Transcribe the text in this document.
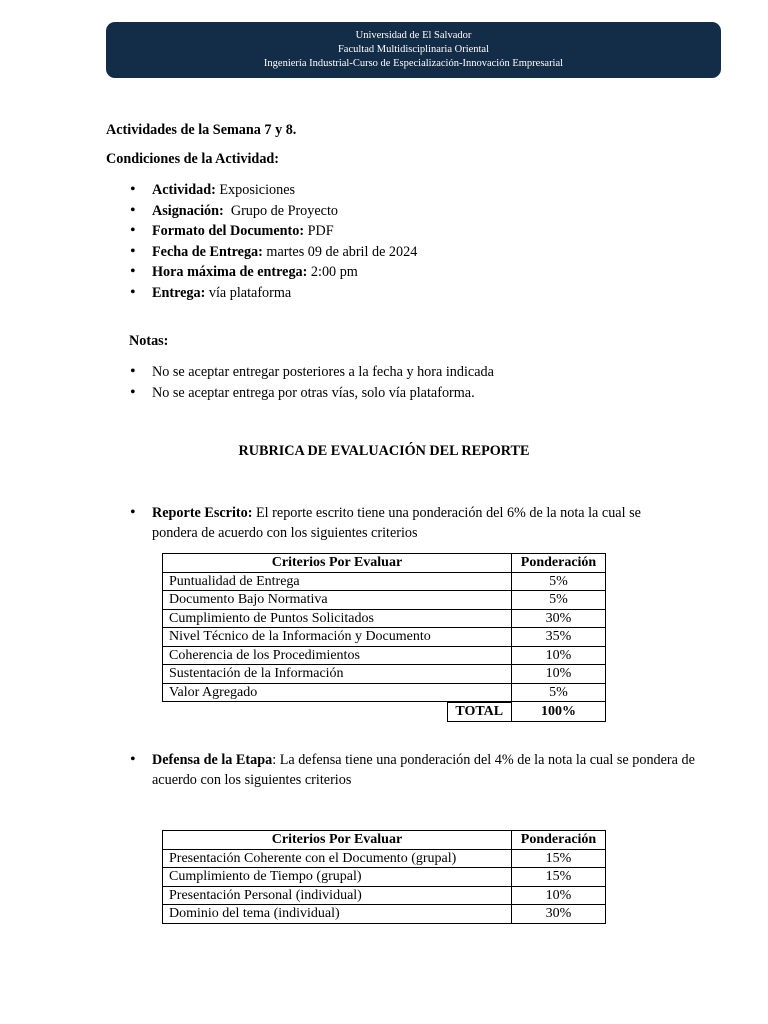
Universidad de El Salvador
Facultad Multidisciplinaria Oriental
Ingeniería Industrial-Curso de Especialización-Innovación Empresarial
Actividades de la Semana 7 y 8.
Condiciones de la Actividad:
• Actividad: Exposiciones
• Asignación:  Grupo de Proyecto
• Formato del Documento: PDF
• Fecha de Entrega: martes 09 de abril de 2024
• Hora máxima de entrega: 2:00 pm
• Entrega: vía plataforma
Notas:
• No se aceptar entregar posteriores a la fecha y hora indicada
• No se aceptar entrega por otras vías, solo vía plataforma.
RUBRICA DE EVALUACIÓN DEL REPORTE
• Reporte Escrito: El reporte escrito tiene una ponderación del 6% de la nota la cual se pondera de acuerdo con los siguientes criterios
Criterios Por Evaluar	Ponderación
Puntualidad de Entrega	5%
Documento Bajo Normativa	5%
Cumplimiento de Puntos Solicitados	30%
Nivel Técnico de la Información y Documento	35%
Coherencia de los Procedimientos	10%
Sustentación de la Información	10%
Valor Agregado	5%

TOTAL	100%
• Defensa de la Etapa: La defensa tiene una ponderación del 4% de la nota la cual se pondera de acuerdo con los siguientes criterios
Criterios Por Evaluar	Ponderación
Presentación Coherente con el Documento (grupal)	15%
Cumplimiento de Tiempo (grupal)	15%
Presentación Personal (individual)	10%
Dominio del tema (individual)	30%
